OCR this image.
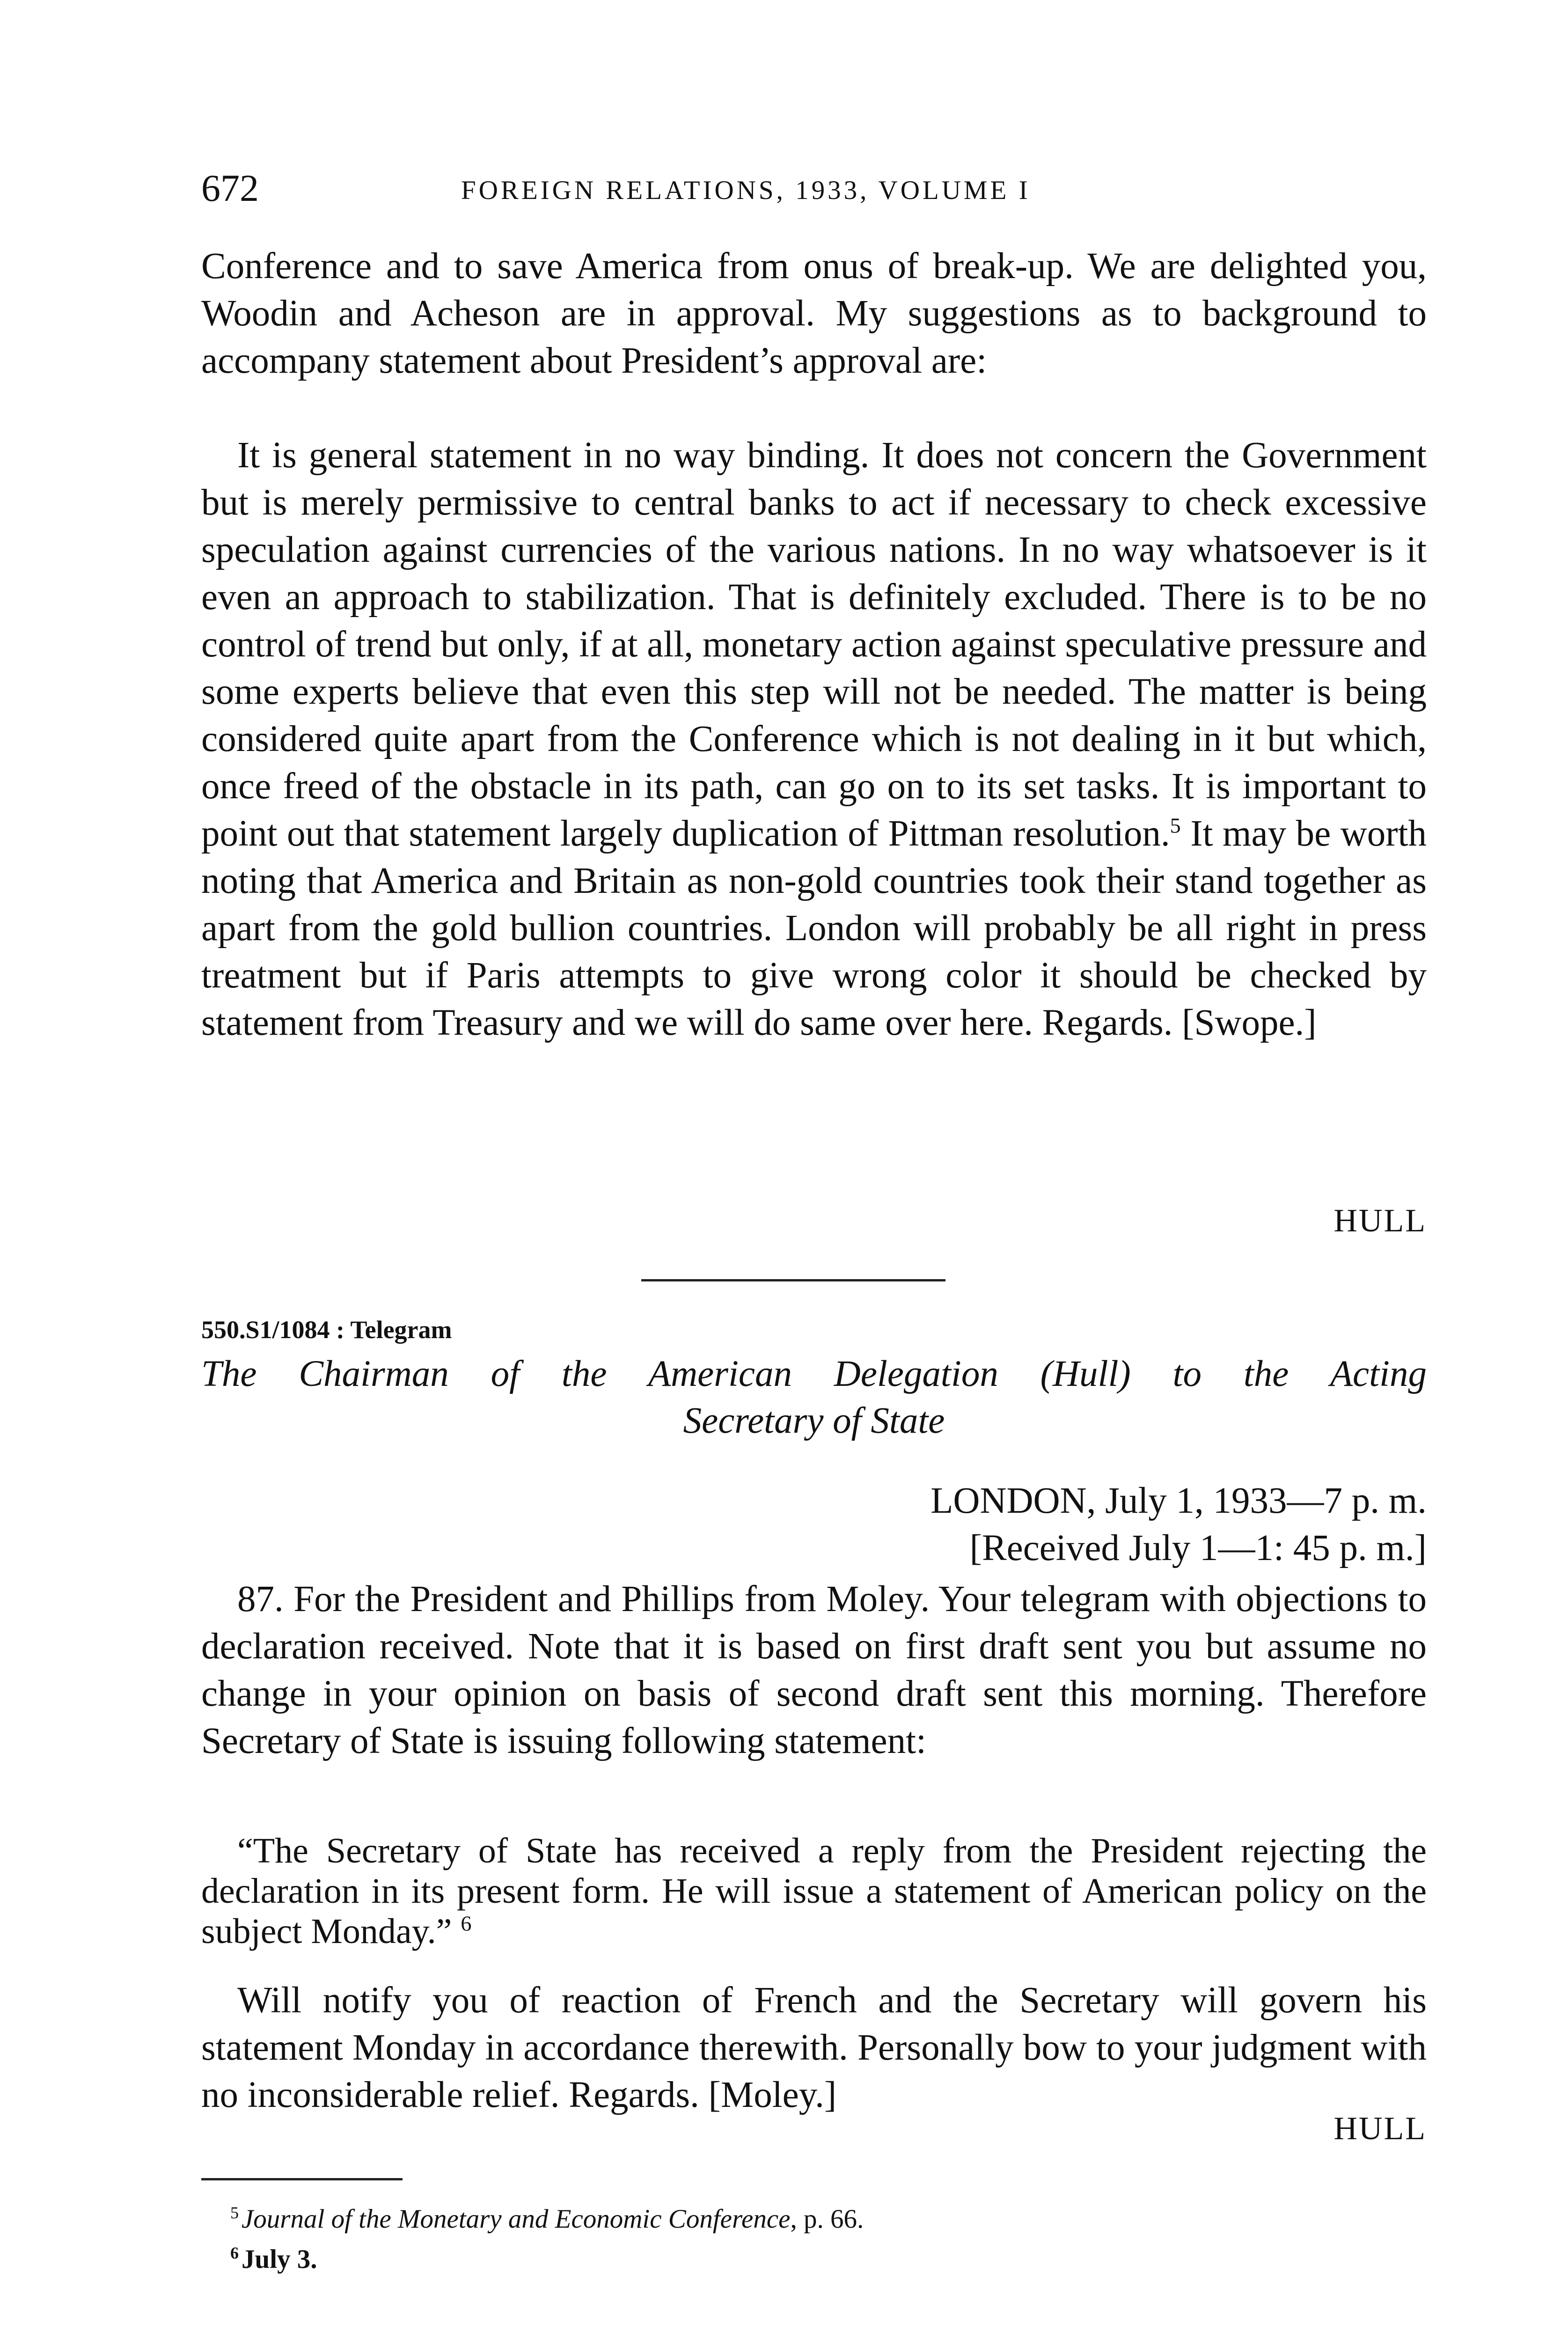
672	FOREIGN RELATIONS, 1933, VOLUME I

Conference and to save America from onus of break-up. We are delighted you, Woodin and Acheson are in approval. My suggestions as to background to accompany statement about President’s approval are:

It is general statement in no way binding. It does not concern the Government but is merely permissive to central banks to act if necessary to check excessive speculation against currencies of the various nations. In no way whatsoever is it even an approach to stabilization. That is definitely excluded. There is to be no control of trend but only, if at all, monetary action against speculative pressure and some experts believe that even this step will not be needed. The matter is being considered quite apart from the Conference which is not dealing in it but which, once freed of the obstacle in its path, can go on to its set tasks. It is important to point out that statement largely duplication of Pittman resolution.$^5$ It may be worth noting that America and Britain as non-gold countries took their stand together as apart from the gold bullion countries. London will probably be all right in press treatment but if Paris attempts to give wrong color it should be checked by statement from Treasury and we will do same over here. Regards. [Swope.]

HULL
550.S1/1084 : Telegram
The Chairman of the American Delegation (Hull) to the Acting
Secretary of State
LONDON, July 1, 1933—7 p. m.
[Received July 1—1: 45 p. m.]

87. For the President and Phillips from Moley. Your telegram with objections to declaration received. Note that it is based on first draft sent you but assume no change in your opinion on basis of second draft sent this morning. Therefore Secretary of State is issuing following statement:

“The Secretary of State has received a reply from the President rejecting the declaration in its present form. He will issue a statement of American policy on the subject Monday.” $^6$

Will notify you of reaction of French and the Secretary will govern his statement Monday in accordance therewith. Personally bow to your judgment with no inconsiderable relief. Regards. [Moley.]

HULL
$^5$ Journal of the Monetary and Economic Conference, p. 66.
$^6$ July 3.
